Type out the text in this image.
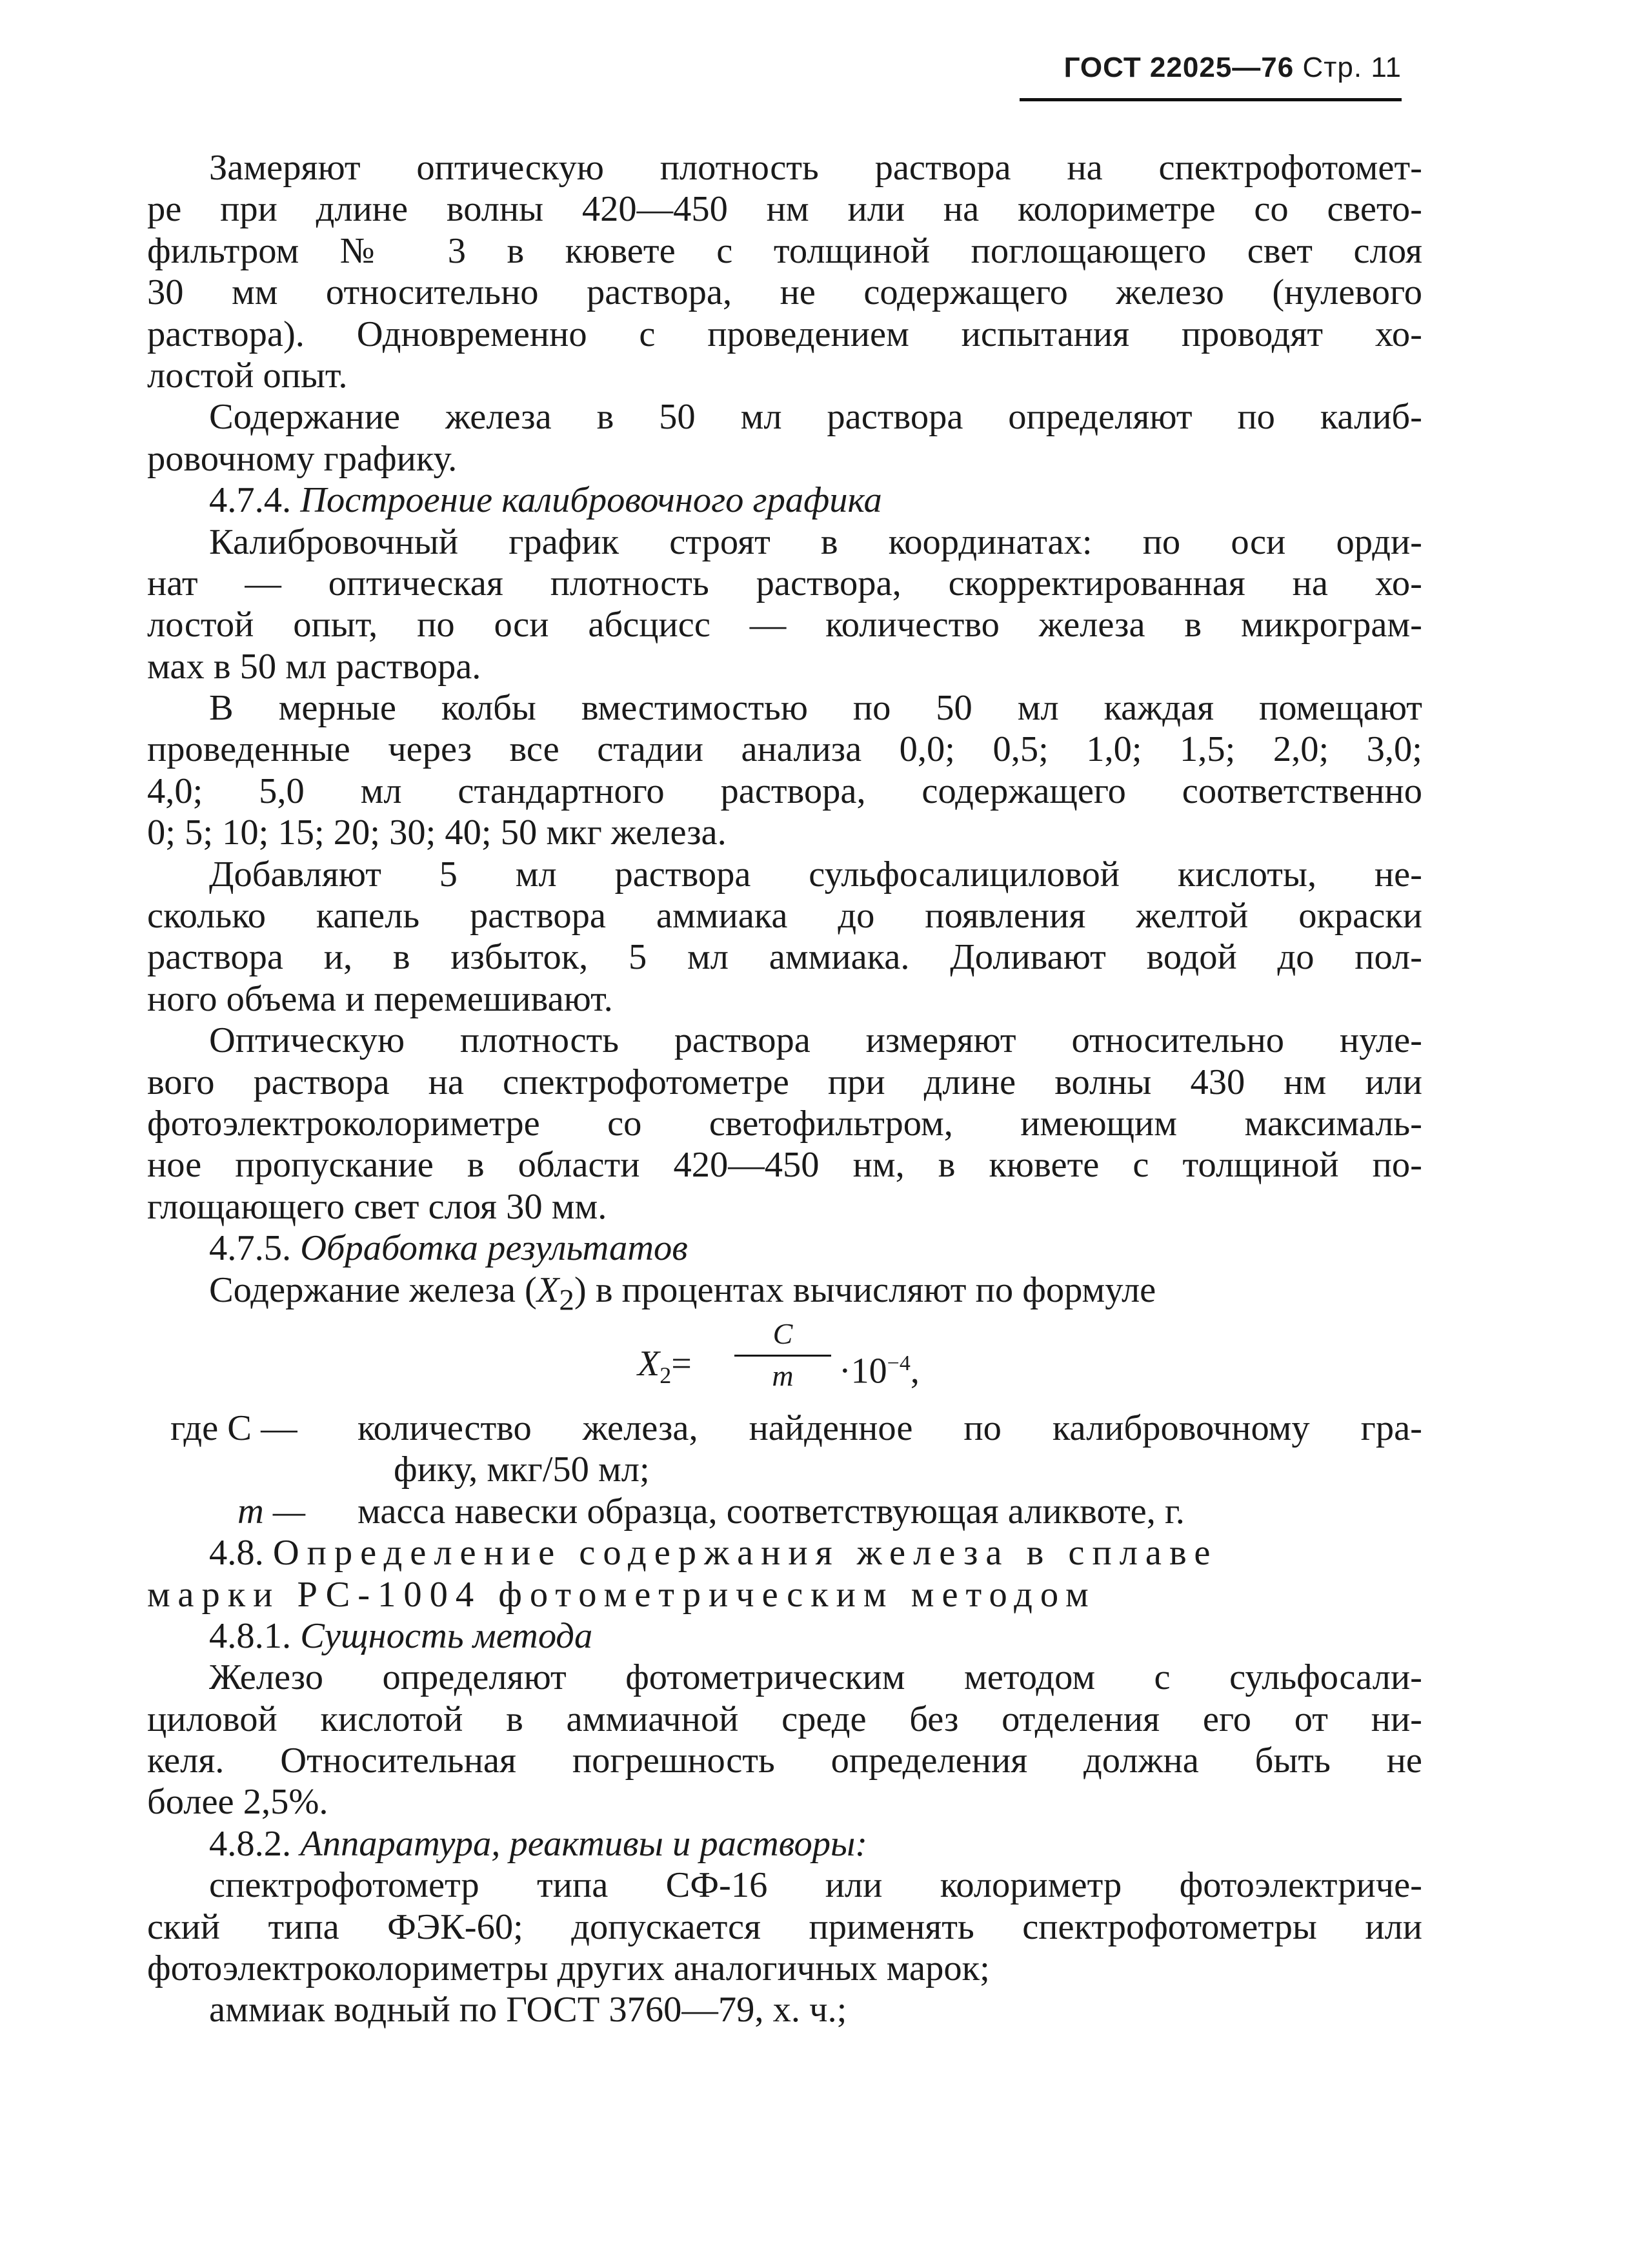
ГОСТ 22025—76 Стр. 11
Замеряют оптическую плотность раствора на спектрофотомет-
ре при длине волны 420—450 нм или на колориметре со свето-
фильтром № 3 в кювете с толщиной поглощающего свет слоя
30 мм относительно раствора, не содержащего железо (нулевого
раствора). Одновременно с проведением испытания проводят хо-
лостой опыт.
Содержание железа в 50 мл раствора определяют по калиб-
ровочному графику.
4.7.4. Построение калибровочного графика
Калибровочный график строят в координатах: по оси орди-
нат — оптическая плотность раствора, скорректированная на хо-
лостой опыт, по оси абсцисс — количество железа в микрограм-
мах в 50 мл раствора.
В мерные колбы вместимостью по 50 мл каждая помещают
проведенные через все стадии анализа 0,0; 0,5; 1,0; 1,5; 2,0; 3,0;
4,0; 5,0 мл стандартного раствора, содержащего соответственно
0; 5; 10; 15; 20; 30; 40; 50 мкг железа.
Добавляют 5 мл раствора сульфосалициловой кислоты, не-
сколько капель раствора аммиака до появления желтой окраски
раствора и, в избыток, 5 мл аммиака. Доливают водой до пол-
ного объема и перемешивают.
Оптическую плотность раствора измеряют относительно нуле-
вого раствора на спектрофотометре при длине волны 430 нм или
фотоэлектроколориметре со светофильтром, имеющим максималь-
ное пропускание в области 420—450 нм, в кювете с толщиной по-
глощающего свет слоя 30 мм.
4.7.5. Обработка результатов
Содержание железа $(X_2)$ в процентах вычисляют по формуле
$X_2=$
C
m	$\cdot 10^{-4}$,
где C — количество железа, найденное по калибровочному гра-
фику, мкг/50 мл;
m — масса навески образца, соответствующая аликвоте, г.
4.8. Определение содержания железа в сплаве
марки РС-1004 фотометрическим методом
4.8.1. Сущность метода
Железо определяют фотометрическим методом с сульфосали-
циловой кислотой в аммиачной среде без отделения его от ни-
келя. Относительная погрешность определения должна быть не
более 2,5%.
4.8.2. Аппаратура, реактивы и растворы:
спектрофотометр типа СФ-16 или колориметр фотоэлектриче-
ский типа ФЭК-60; допускается применять спектрофотометры или
фотоэлектроколориметры других аналогичных марок;
аммиак водный по ГОСТ 3760—79, х. ч.;
